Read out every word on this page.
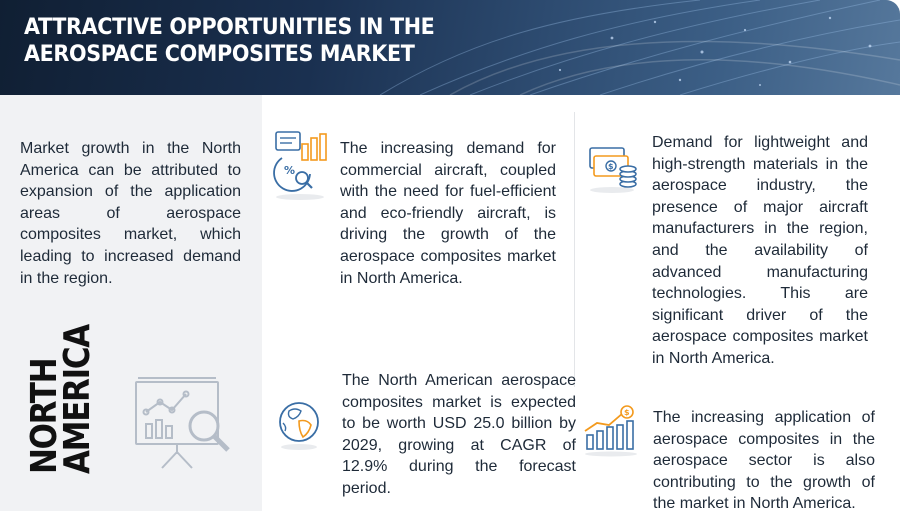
ATTRACTIVE OPPORTUNITIES IN THE
AEROSPACE COMPOSITES MARKET

Market growth in the North America can be attributed to expansion of the application areas of aerospace composites market, which leading to increased demand in the region.

The increasing demand for commercial aircraft, coupled with the need for fuel-efficient and eco-friendly aircraft, is driving the growth of the aerospace composites market in North America.

Demand for lightweight and high-strength materials in the aerospace industry, the presence of major aircraft manufacturers in the region, and the availability of advanced manufacturing technologies. This are significant driver of the aerospace composites market in North America.

The North American aerospace composites market is expected to be worth USD 25.0 billion by 2029, growing at CAGR of 12.9% during the forecast period.

The increasing application of aerospace composites in the aerospace sector is also contributing to the growth of the market in North America.

NORTH
AMERICA
%	$
$
